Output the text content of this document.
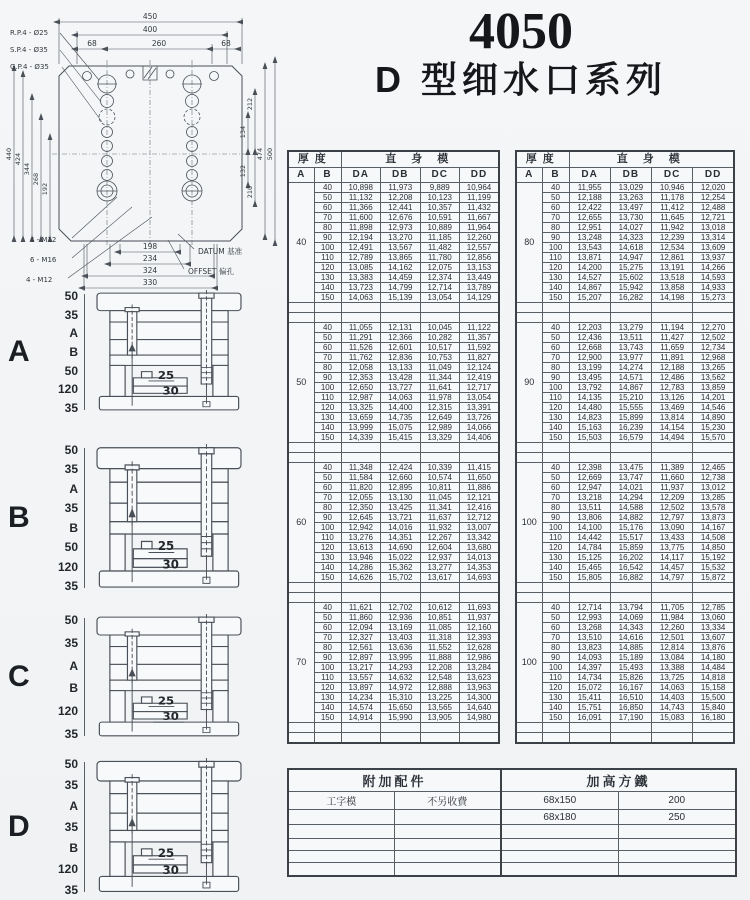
450
400
68	260	68
440 424
344
268
192
212
134
132
210
474 500
198
234
324
330
R.P.4 - Ø25
S.P.4 - Ø35
G.P.4 - Ø35
4 - M12
6 - M16
4 - M12
DATUM 基准
OFFSET 偏孔
4050
D 型细水口系列
厚度		直 身 模			
A	B	DA	DB	DC	DD
40	40	10,898	11,973	9,889	10,964
	50	11,132	12,208	10,123	11,199
	60	11,366	12,441	10,357	11,432
	70	11,600	12,676	10,591	11,667
	80	11,898	12,973	10,889	11,964
	90	12,194	13,270	11,185	12,260
	100	12,491	13,567	11,482	12,557
	110	12,789	13,865	11,780	12,856
	120	13,085	14,162	12,075	13,153
	130	13,383	14,459	12,374	13,449
	140	13,723	14,799	12,714	13,789
	150	14,063	15,139	13,054	14,129

50	40	11,055	12,131	10,045	11,122
	50	11,291	12,366	10,282	11,357
	60	11,526	12,601	10,517	11,592
	70	11,762	12,836	10,753	11,827
	80	12,058	13,133	11,049	12,124
	90	12,353	13,428	11,344	12,419
	100	12,650	13,727	11,641	12,717
	110	12,987	14,063	11,978	13,054
	120	13,325	14,400	12,315	13,391
	130	13,659	14,735	12,649	13,726
	140	13,999	15,075	12,989	14,066
	150	14,339	15,415	13,329	14,406

60	40	11,348	12,424	10,339	11,415
	50	11,584	12,660	10,574	11,650
	60	11,820	12,895	10,811	11,886
	70	12,055	13,130	11,045	12,121
	80	12,350	13,425	11,341	12,416
	90	12,645	13,721	11,637	12,712
	100	12,942	14,016	11,932	13,007
	110	13,276	14,351	12,267	13,342
	120	13,613	14,690	12,604	13,680
	130	13,946	15,022	12,937	14,013
	140	14,286	15,362	13,277	14,353
	150	14,626	15,702	13,617	14,693

70	40	11,621	12,702	10,612	11,693
	50	11,860	12,936	10,851	11,937
	60	12,094	13,169	11,085	12,160
	70	12,327	13,403	11,318	12,393
	80	12,561	13,636	11,552	12,628
	90	12,897	13,995	11,888	12,986
	100	13,217	14,293	12,208	13,284
	110	13,557	14,632	12,548	13,623
	120	13,897	14,972	12,888	13,963
	130	14,234	15,310	13,225	14,300
	140	14,574	15,650	13,565	14,640
	150	14,914	15,990	13,905	14,980

厚度		直 身 模			
A	B	DA	DB	DC	DD
80	40	11,955	13,029	10,946	12,020
	50	12,188	13,263	11,178	12,254
	60	12,422	13,497	11,412	12,488
	70	12,655	13,730	11,645	12,721
	80	12,951	14,027	11,942	13,018
	90	13,248	14,323	12,239	13,314
	100	13,543	14,618	12,534	13,609
	110	13,871	14,947	12,861	13,937
	120	14,200	15,275	13,191	14,266
	130	14,527	15,602	13,518	14,593
	140	14,867	15,942	13,858	14,933
	150	15,207	16,282	14,198	15,273

90	40	12,203	13,279	11,194	12,270
	50	12,436	13,511	11,427	12,502
	60	12,668	13,743	11,659	12,734
	70	12,900	13,977	11,891	12,968
	80	13,199	14,274	12,188	13,265
	90	13,495	14,571	12,486	13,562
	100	13,792	14,867	12,783	13,859
	110	14,135	15,210	13,126	14,201
	120	14,480	15,555	13,469	14,546
	130	14,823	15,899	13,814	14,890
	140	15,163	16,239	14,154	15,230
	150	15,503	16,579	14,494	15,570

100	40	12,398	13,475	11,389	12,465
	50	12,669	13,747	11,660	12,738
	60	12,947	14,021	11,937	13,012
	70	13,218	14,294	12,209	13,285
	80	13,511	14,588	12,502	13,578
	90	13,806	14,882	12,797	13,873
	100	14,100	15,176	13,090	14,167
	110	14,442	15,517	13,433	14,508
	120	14,784	15,859	13,775	14,850
	130	15,125	16,202	14,117	15,192
	140	15,465	16,542	14,457	15,532
	150	15,805	16,882	14,797	15,872

100	40	12,714	13,794	11,705	12,785
	50	12,993	14,069	11,984	13,060
	60	13,268	14,343	12,260	13,334
	70	13,510	14,616	12,501	13,607
	80	13,823	14,885	12,814	13,876
	90	14,093	15,189	13,084	14,180
	100	14,397	15,493	13,388	14,484
	110	14,734	15,826	13,725	14,818
	120	15,072	16,167	14,063	15,158
	130	15,411	16,510	14,403	15,500
	140	15,751	16,850	14,743	15,840
	150	16,091	17,190	15,083	16,180

A
50
35
A
B
50
120
35
25
30
B
50
35
A
35
B
50
120
35
25
30
C
50
35
A
B
120
35
25
30
D
50
35
A
35
B
120
35
25
30
附加配件		加高方鐵	
工字模	不另收費	68x150	200
		68x180	250
